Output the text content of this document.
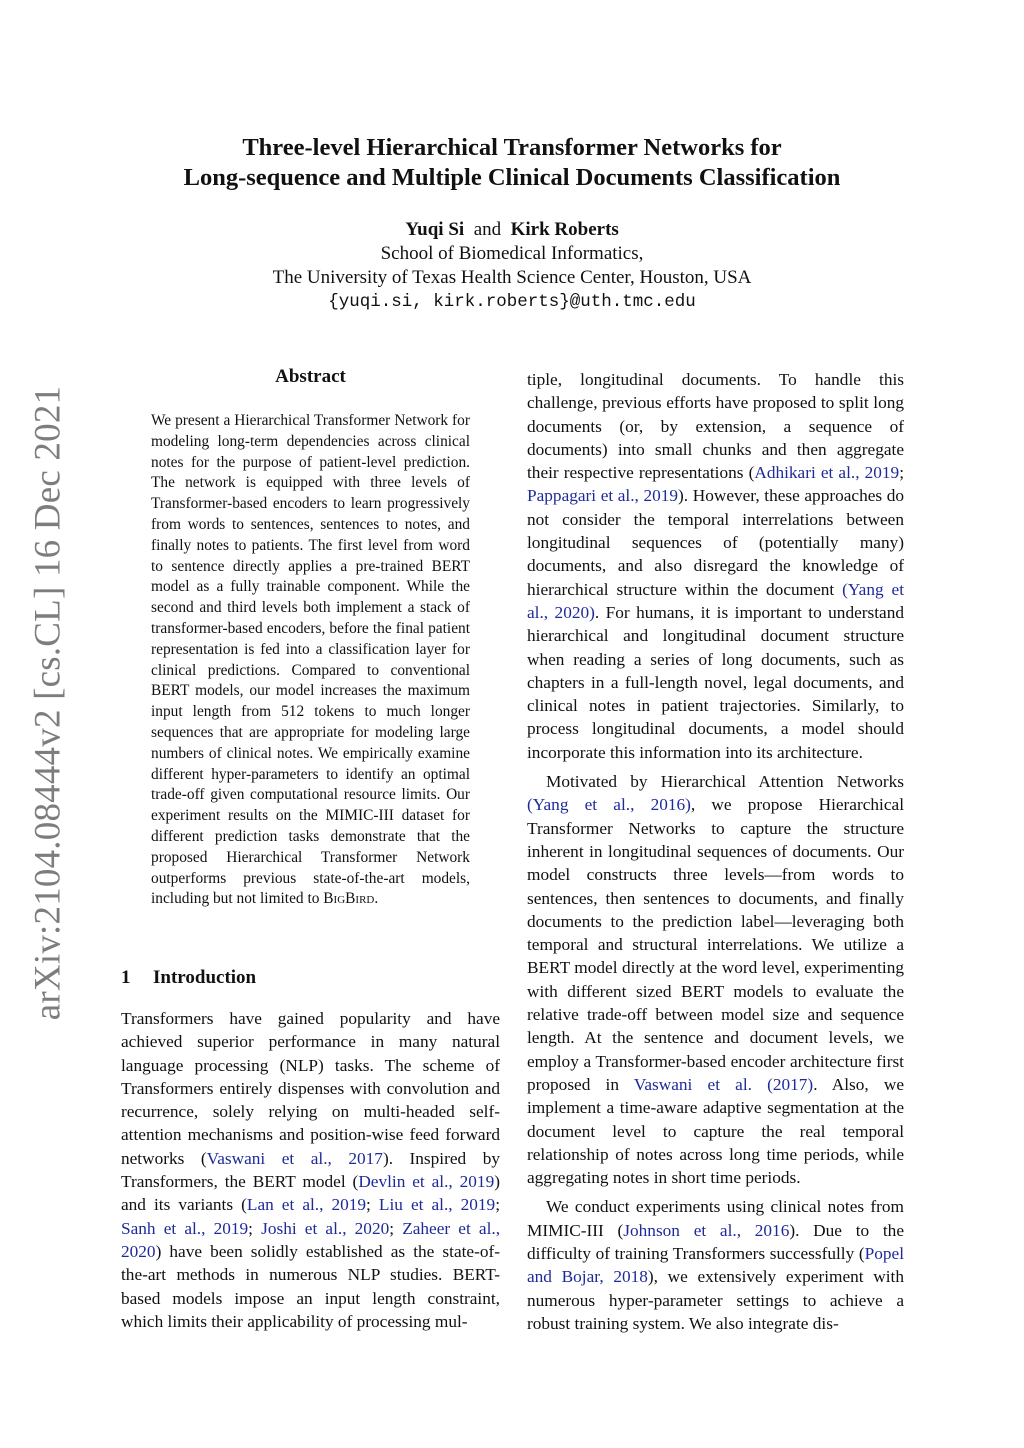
arXiv:2104.08444v2 [cs.CL] 16 Dec 2021
Three-level Hierarchical Transformer Networks for
Long-sequence and Multiple Clinical Documents Classification
Yuqi Si and Kirk Roberts
School of Biomedical Informatics,
The University of Texas Health Science Center, Houston, USA
{yuqi.si, kirk.roberts}@uth.tmc.edu
Abstract
We present a Hierarchical Transformer Network for modeling long-term dependencies across clinical notes for the purpose of patient-level prediction. The network is equipped with three levels of Transformer-based encoders to learn progressively from words to sentences, sentences to notes, and finally notes to patients. The first level from word to sentence directly applies a pre-trained BERT model as a fully trainable component. While the second and third levels both implement a stack of transformer-based encoders, before the final patient representation is fed into a classification layer for clinical predictions. Compared to conventional BERT models, our model increases the maximum input length from 512 tokens to much longer sequences that are appropriate for modeling large numbers of clinical notes. We empirically examine different hyper-parameters to identify an optimal trade-off given computational resource limits. Our experiment results on the MIMIC-III dataset for different prediction tasks demonstrate that the proposed Hierarchical Transformer Network outperforms previous state-of-the-art models, including but not limited to BigBird.
1 Introduction

Transformers have gained popularity and have achieved superior performance in many natural language processing (NLP) tasks. The scheme of Transformers entirely dispenses with convolution and recurrence, solely relying on multi-headed self-attention mechanisms and position-wise feed forward networks (Vaswani et al., 2017). Inspired by Transformers, the BERT model (Devlin et al., 2019) and its variants (Lan et al., 2019; Liu et al., 2019; Sanh et al., 2019; Joshi et al., 2020; Zaheer et al., 2020) have been solidly established as the state-of-the-art methods in numerous NLP studies. BERT-based models impose an input length constraint, which limits their applicability of processing mul-

tiple, longitudinal documents. To handle this challenge, previous efforts have proposed to split long documents (or, by extension, a sequence of documents) into small chunks and then aggregate their respective representations (Adhikari et al., 2019; Pappagari et al., 2019). However, these approaches do not consider the temporal interrelations between longitudinal sequences of (potentially many) documents, and also disregard the knowledge of hierarchical structure within the document (Yang et al., 2020). For humans, it is important to understand hierarchical and longitudinal document structure when reading a series of long documents, such as chapters in a full-length novel, legal documents, and clinical notes in patient trajectories. Similarly, to process longitudinal documents, a model should incorporate this information into its architecture.

Motivated by Hierarchical Attention Networks (Yang et al., 2016), we propose Hierarchical Transformer Networks to capture the structure inherent in longitudinal sequences of documents. Our model constructs three levels—from words to sentences, then sentences to documents, and finally documents to the prediction label—leveraging both temporal and structural interrelations. We utilize a BERT model directly at the word level, experimenting with different sized BERT models to evaluate the relative trade-off between model size and sequence length. At the sentence and document levels, we employ a Transformer-based encoder architecture first proposed in Vaswani et al. (2017). Also, we implement a time-aware adaptive segmentation at the document level to capture the real temporal relationship of notes across long time periods, while aggregating notes in short time periods.

We conduct experiments using clinical notes from MIMIC-III (Johnson et al., 2016). Due to the difficulty of training Transformers successfully (Popel and Bojar, 2018), we extensively experiment with numerous hyper-parameter settings to achieve a robust training system. We also integrate dis-
